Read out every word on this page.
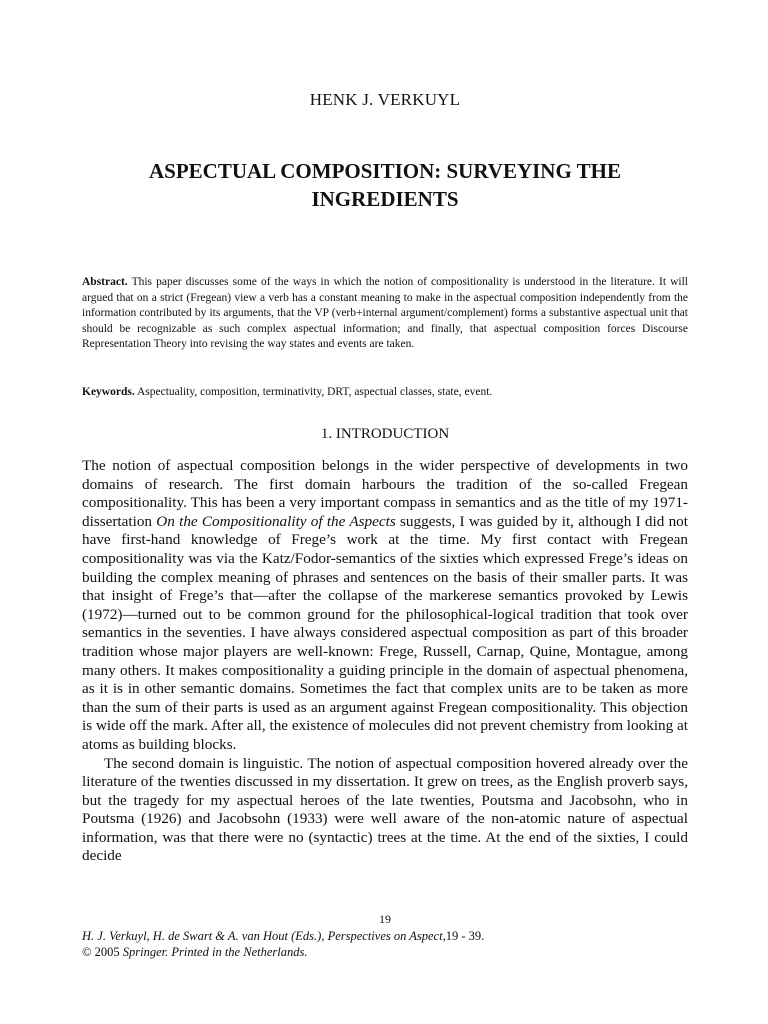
HENK J. VERKUYL
ASPECTUAL COMPOSITION: SURVEYING THE
INGREDIENTS

Abstract. This paper discusses some of the ways in which the notion of compositionality is understood in the literature. It will argued that on a strict (Fregean) view a verb has a constant meaning to make in the aspectual composition independently from the information contributed by its arguments, that the VP (verb+internal argument/complement) forms a substantive aspectual unit that should be recognizable as such complex aspectual information; and finally, that aspectual composition forces Discourse Representation Theory into revising the way states and events are taken.

Keywords. Aspectuality, composition, terminativity, DRT, aspectual classes, state, event.

1. INTRODUCTION

The notion of aspectual composition belongs in the wider perspective of developments in two domains of research. The first domain harbours the tradition of the so-called Fregean compositionality. This has been a very important compass in semantics and as the title of my 1971- dissertation On the Compositionality of the Aspects suggests, I was guided by it, although I did not have first-hand knowledge of Frege’s work at the time. My first contact with Fregean compositionality was via the Katz/Fodor-semantics of the sixties which expressed Frege’s ideas on building the complex meaning of phrases and sentences on the basis of their smaller parts. It was that insight of Frege’s that—after the collapse of the markerese semantics provoked by Lewis (1972)—turned out to be common ground for the philosophical-logical tradition that took over semantics in the seventies. I have always considered aspectual composition as part of this broader tradition whose major players are well-known: Frege, Russell, Carnap, Quine, Montague, among many others. It makes compositionality a guiding principle in the domain of aspectual phenomena, as it is in other semantic domains. Sometimes the fact that complex units are to be taken as more than the sum of their parts is used as an argument against Fregean compositionality. This objection is wide off the mark. After all, the existence of molecules did not prevent chemistry from looking at atoms as building blocks.

The second domain is linguistic. The notion of aspectual composition hovered already over the literature of the twenties discussed in my dissertation. It grew on trees, as the English proverb says, but the tragedy for my aspectual heroes of the late twenties, Poutsma and Jacobsohn, who in Poutsma (1926) and Jacobsohn (1933) were well aware of the non-atomic nature of aspectual information, was that there were no (syntactic) trees at the time. At the end of the sixties, I could decide

19
H. J. Verkuyl, H. de Swart & A. van Hout (Eds.), Perspectives on Aspect,19 - 39.
© 2005 Springer. Printed in the Netherlands.
